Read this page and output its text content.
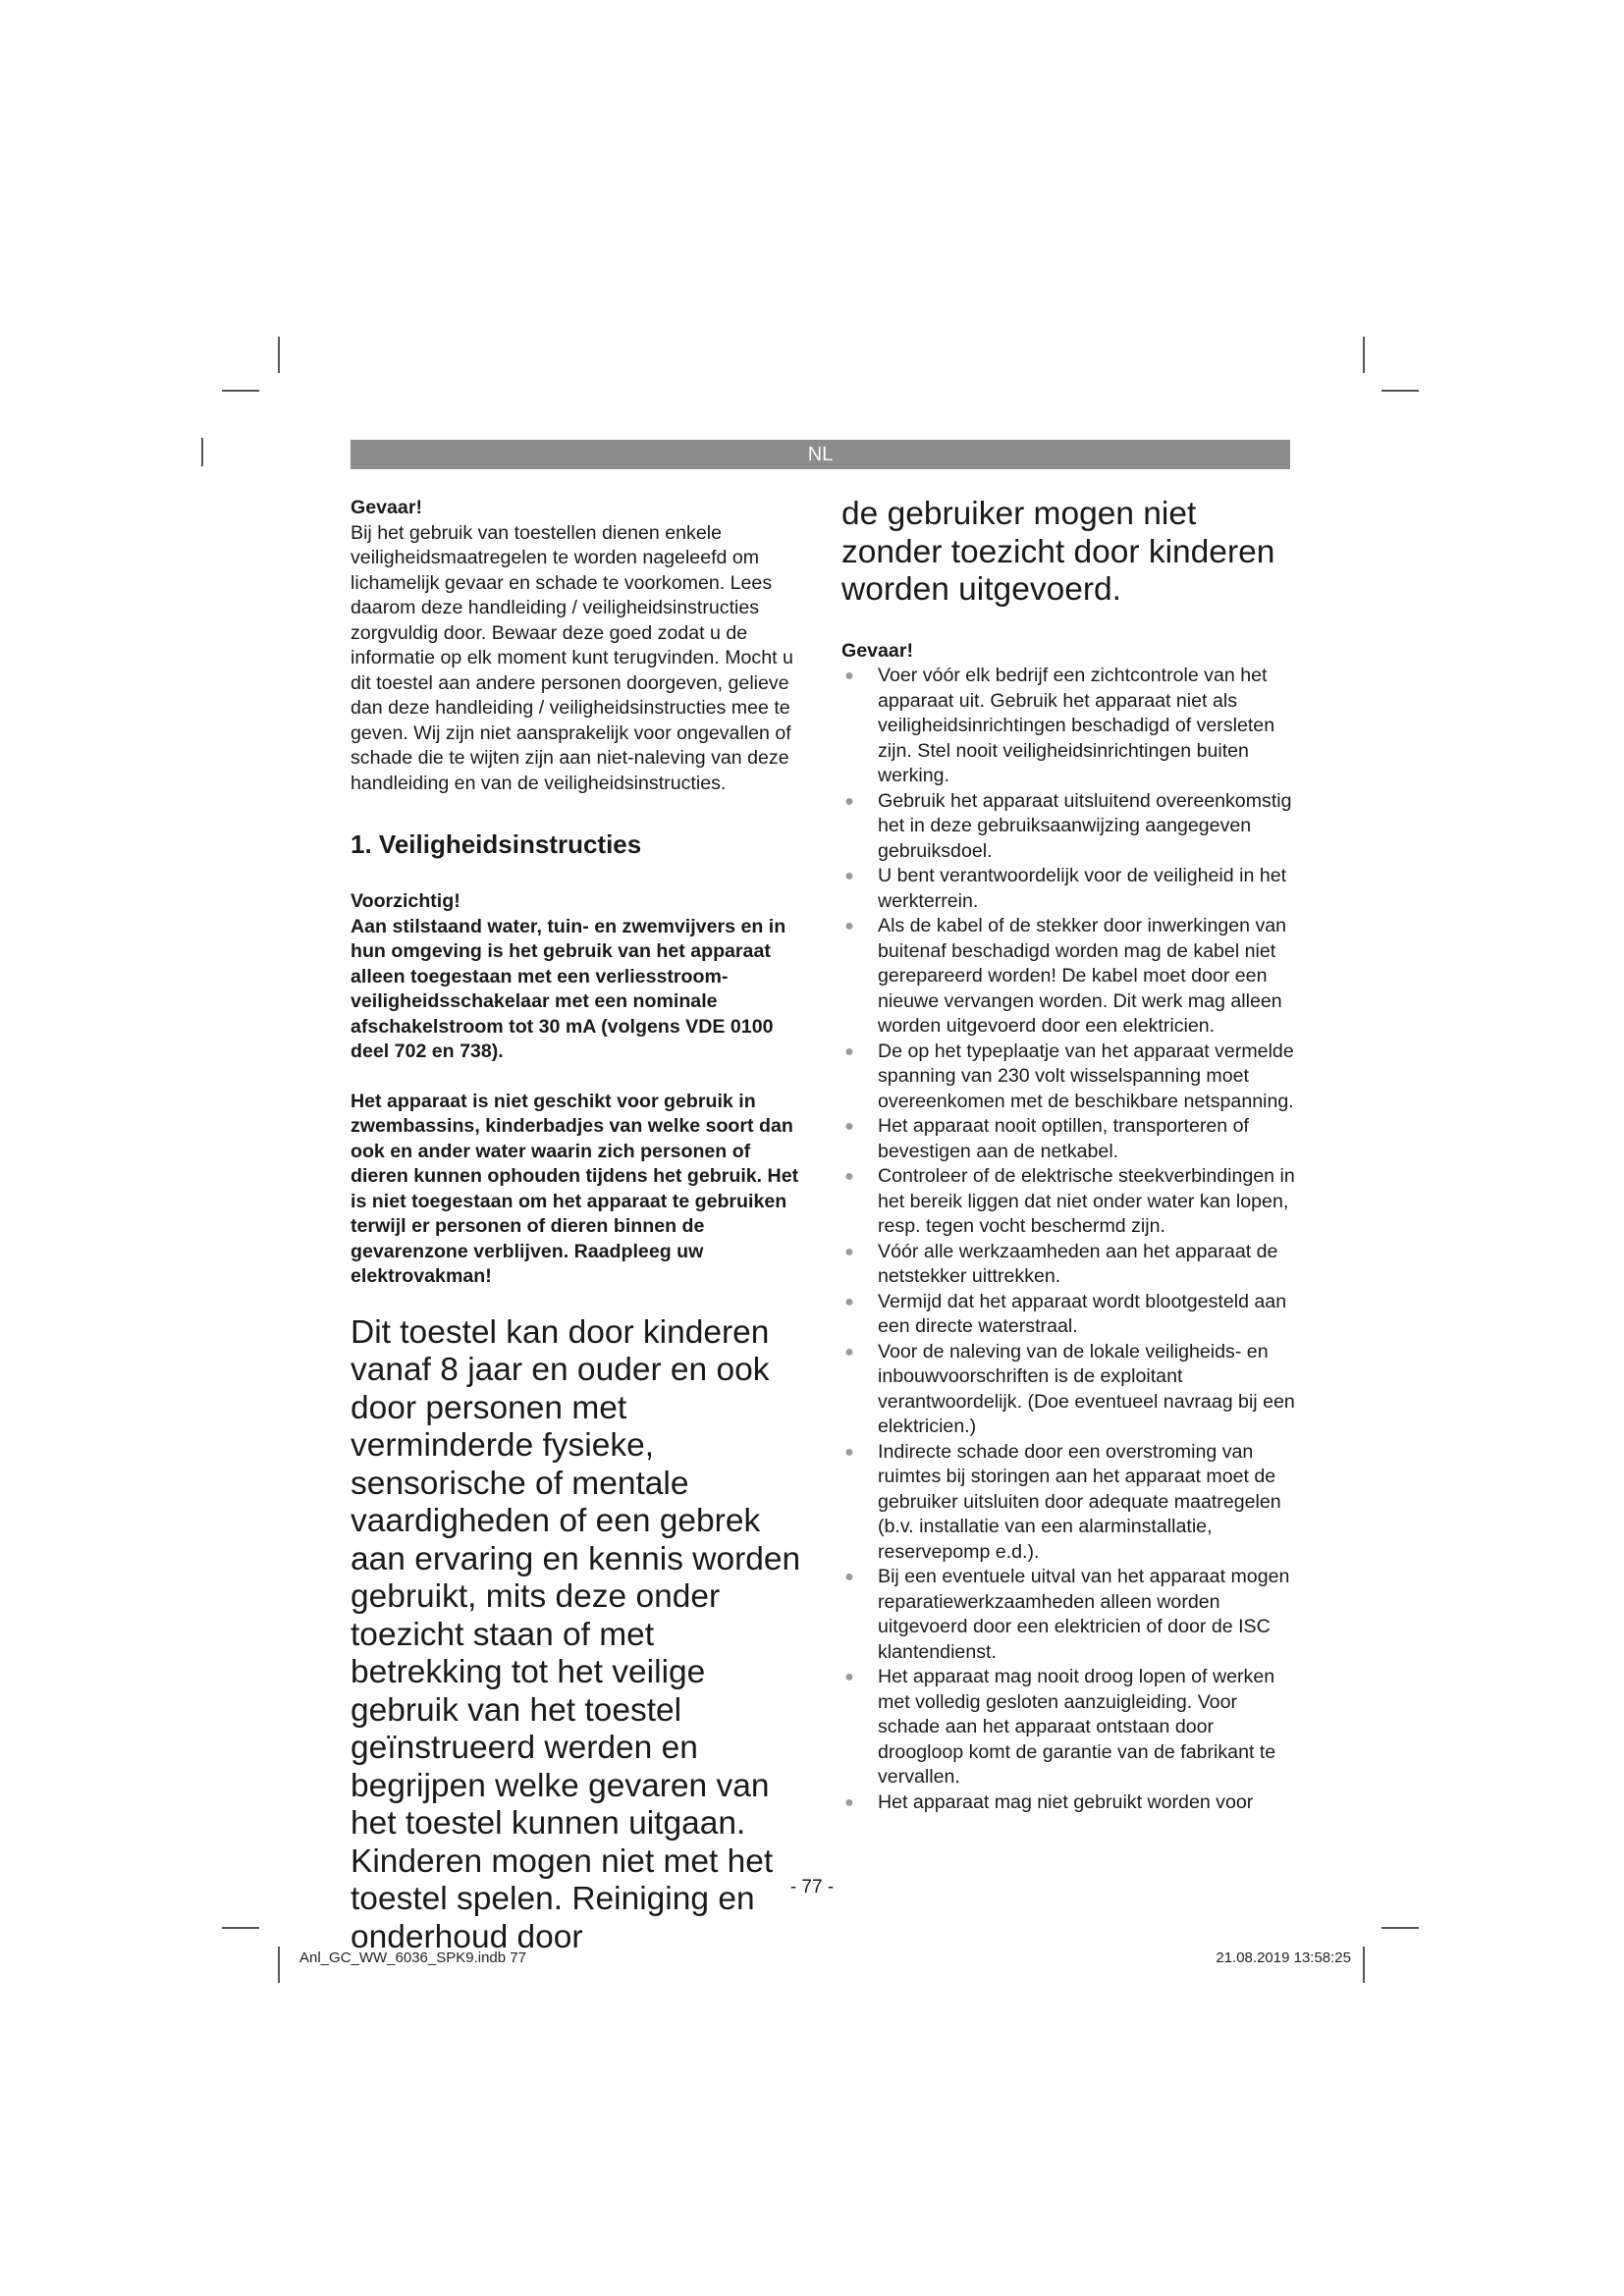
NL

Gevaar!

Bij het gebruik van toestellen dienen enkele veiligheidsmaatregelen te worden nageleefd om lichamelijk gevaar en schade te voorkomen. Lees daarom deze handleiding / veiligheidsinstructies zorgvuldig door. Bewaar deze goed zodat u de informatie op elk moment kunt terugvinden. Mocht u dit toestel aan andere personen doorgeven, gelieve dan deze handleiding / veiligheidsinstructies mee te geven. Wij zijn niet aansprakelijk voor ongevallen of schade die te wijten zijn aan niet-naleving van deze handleiding en van de veiligheidsinstructies.

1. Veiligheidsinstructies

Voorzichtig!

Aan stilstaand water, tuin- en zwemvijvers en in hun omgeving is het gebruik van het apparaat alleen toegestaan met een verliesstroom-veiligheidsschakelaar met een nominale afschakelstroom tot 30 mA (volgens VDE 0100 deel 702 en 738).

Het apparaat is niet geschikt voor gebruik in zwembassins, kinderbadjes van welke soort dan ook en ander water waarin zich personen of dieren kunnen ophouden tijdens het gebruik. Het is niet toegestaan om het apparaat te gebruiken terwijl er personen of dieren binnen de gevarenzone verblijven. Raadpleeg uw elektrovakman!

Dit toestel kan door kinderen vanaf 8 jaar en ouder en ook door personen met verminderde fysieke, sensorische of mentale vaardigheden of een gebrek aan ervaring en kennis worden gebruikt, mits deze onder toezicht staan of met betrekking tot het veilige gebruik van het toestel geïnstrueerd werden en begrijpen welke gevaren van het toestel kunnen uitgaan. Kinderen mogen niet met het toestel spelen. Reiniging en onderhoud door

de gebruiker mogen niet zonder toezicht door kinderen worden uitgevoerd.

Gevaar!

● Voer vóór elk bedrijf een zichtcontrole van het apparaat uit. Gebruik het apparaat niet als veiligheidsinrichtingen beschadigd of versleten zijn. Stel nooit veiligheidsinrichtingen buiten werking.
● Gebruik het apparaat uitsluitend overeenkomstig het in deze gebruiksaanwijzing aangegeven gebruiksdoel.
● U bent verantwoordelijk voor de veiligheid in het werkterrein.
● Als de kabel of de stekker door inwerkingen van buitenaf beschadigd worden mag de kabel niet gerepareerd worden! De kabel moet door een nieuwe vervangen worden. Dit werk mag alleen worden uitgevoerd door een elektricien.
● De op het typeplaatje van het apparaat vermelde spanning van 230 volt wisselspanning moet overeenkomen met de beschikbare netspanning.
● Het apparaat nooit optillen, transporteren of bevestigen aan de netkabel.
● Controleer of de elektrische steekverbindingen in het bereik liggen dat niet onder water kan lopen, resp. tegen vocht beschermd zijn.
● Vóór alle werkzaamheden aan het apparaat de netstekker uittrekken.
● Vermijd dat het apparaat wordt blootgesteld aan een directe waterstraal.
● Voor de naleving van de lokale veiligheids- en inbouwvoorschriften is de exploitant verantwoordelijk. (Doe eventueel navraag bij een elektricien.)
● Indirecte schade door een overstroming van ruimtes bij storingen aan het apparaat moet de gebruiker uitsluiten door adequate maatregelen (b.v. installatie van een alarminstallatie, reservepomp e.d.).
● Bij een eventuele uitval van het apparaat mogen reparatiewerkzaamheden alleen worden uitgevoerd door een elektricien of door de ISC klantendienst.
● Het apparaat mag nooit droog lopen of werken met volledig gesloten aanzuigleiding. Voor schade aan het apparaat ontstaan door droogloop komt de garantie van de fabrikant te vervallen.
● Het apparaat mag niet gebruikt worden voor
- 77 -
Anl_GC_WW_6036_SPK9.indb 77	21.08.2019 13:58:25
